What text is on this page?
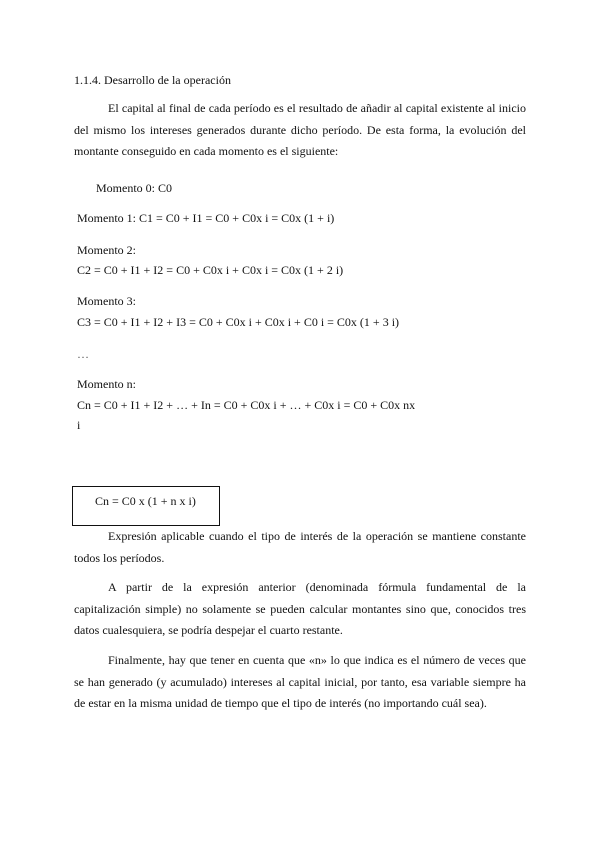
1.1.4. Desarrollo de la operación
El capital al final de cada período es el resultado de añadir al capital existente al inicio del mismo los intereses generados durante dicho período. De esta forma, la evolución del montante conseguido en cada momento es el siguiente:
Momento 0: C0
Momento 1: C1 = C0 + I1 = C0 + C0x i = C0x (1 + i)
Momento 2:
C2 = C0 + I1 + I2 = C0 + C0x i + C0x i = C0x (1 + 2 i)
Momento 3:
C3 = C0 + I1 + I2 + I3 = C0 + C0x i + C0x i + C0 i = C0x (1 + 3 i)
…
Momento n:
Cn = C0 + I1 + I2 + … + In = C0 + C0x i + … + C0x i = C0 + C0x nx
i
Cn = C0 x (1 + n x i)
Expresión aplicable cuando el tipo de interés de la operación se mantiene constante todos los períodos.
A partir de la expresión anterior (denominada fórmula fundamental de la capitalización simple) no solamente se pueden calcular montantes sino que, conocidos tres datos cualesquiera, se podría despejar el cuarto restante.
Finalmente, hay que tener en cuenta que «n» lo que indica es el número de veces que se han generado (y acumulado) intereses al capital inicial, por tanto, esa variable siempre ha de estar en la misma unidad de tiempo que el tipo de interés (no importando cuál sea).
